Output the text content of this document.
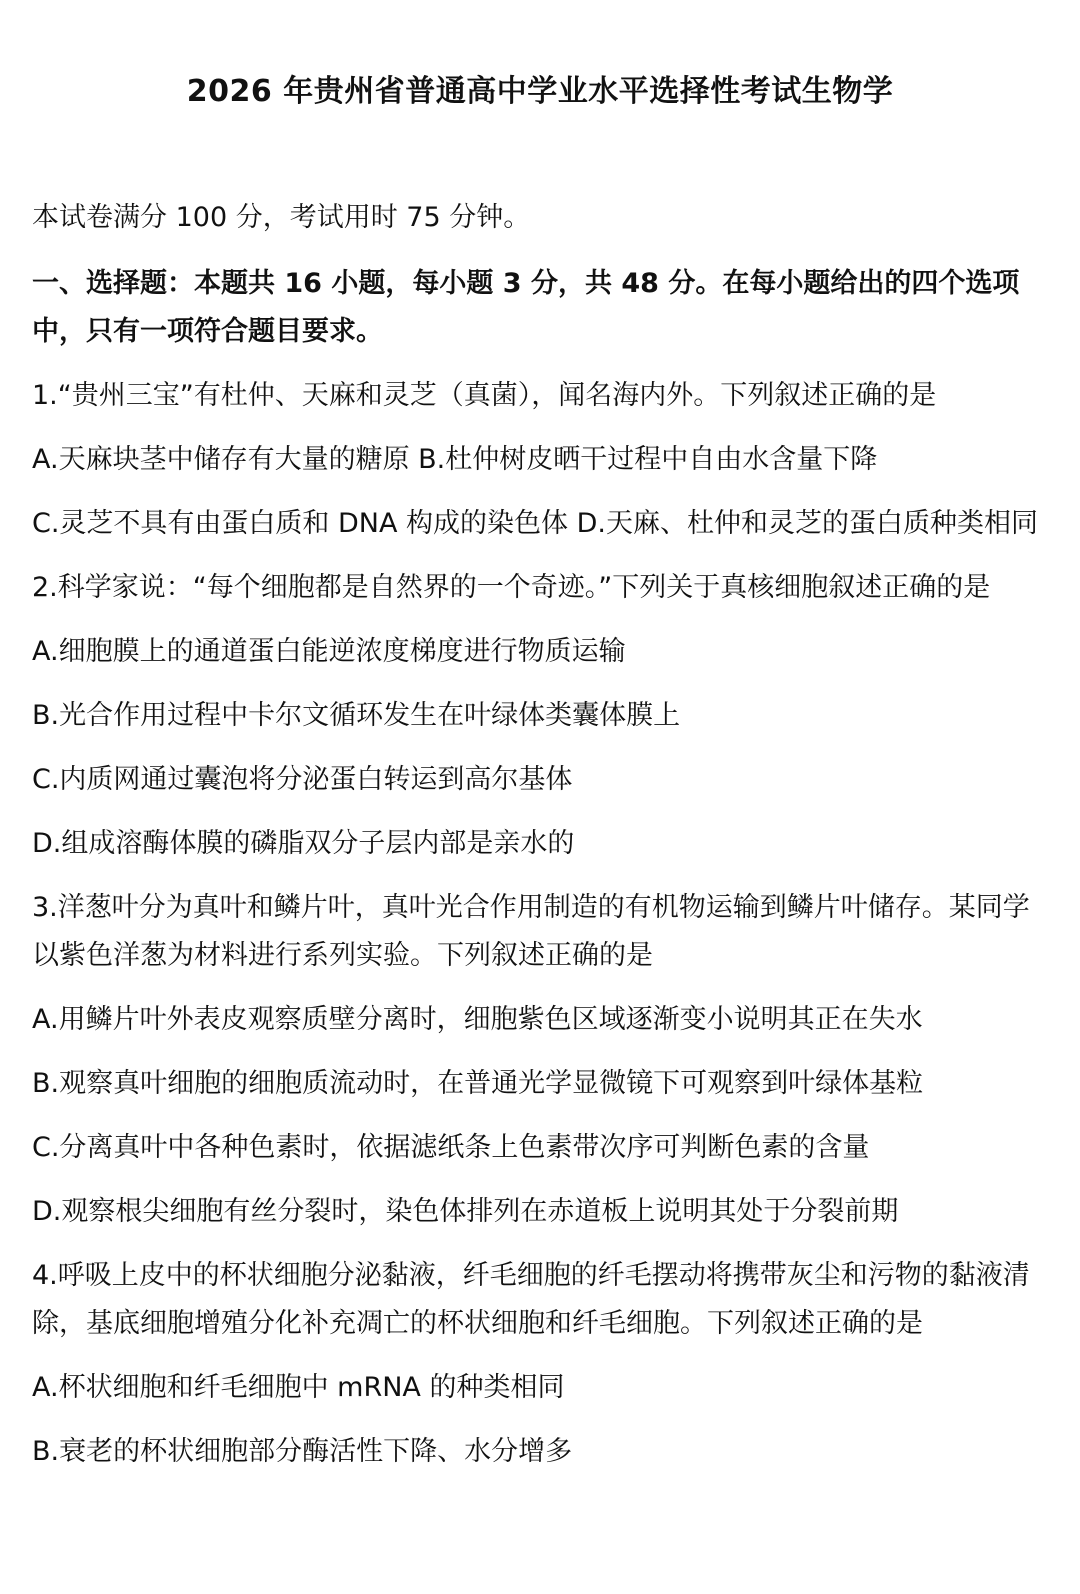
2026 年贵州省普通高中学业水平选择性考试生物学

本试卷满分 100 分，考试用时 75 分钟。

一、选择题：本题共 16 小题，每小题 3 分，共 48 分。在每小题给出的四个选项中，只有一项符合题目要求。

1.“贵州三宝”有杜仲、天麻和灵芝（真菌），闻名海内外。下列叙述正确的是

A.天麻块茎中储存有大量的糖原 B.杜仲树皮晒干过程中自由水含量下降

C.灵芝不具有由蛋白质和 DNA 构成的染色体 D.天麻、杜仲和灵芝的蛋白质种类相同

2.科学家说：“每个细胞都是自然界的一个奇迹。”下列关于真核细胞叙述正确的是

A.细胞膜上的通道蛋白能逆浓度梯度进行物质运输

B.光合作用过程中卡尔文循环发生在叶绿体类囊体膜上

C.内质网通过囊泡将分泌蛋白转运到高尔基体

D.组成溶酶体膜的磷脂双分子层内部是亲水的

3.洋葱叶分为真叶和鳞片叶，真叶光合作用制造的有机物运输到鳞片叶储存。某同学以紫色洋葱为材料进行系列实验。下列叙述正确的是

A.用鳞片叶外表皮观察质壁分离时，细胞紫色区域逐渐变小说明其正在失水

B.观察真叶细胞的细胞质流动时，在普通光学显微镜下可观察到叶绿体基粒

C.分离真叶中各种色素时，依据滤纸条上色素带次序可判断色素的含量

D.观察根尖细胞有丝分裂时，染色体排列在赤道板上说明其处于分裂前期

4.呼吸上皮中的杯状细胞分泌黏液，纤毛细胞的纤毛摆动将携带灰尘和污物的黏液清除，基底细胞增殖分化补充凋亡的杯状细胞和纤毛细胞。下列叙述正确的是

A.杯状细胞和纤毛细胞中 mRNA 的种类相同

B.衰老的杯状细胞部分酶活性下降、水分增多
